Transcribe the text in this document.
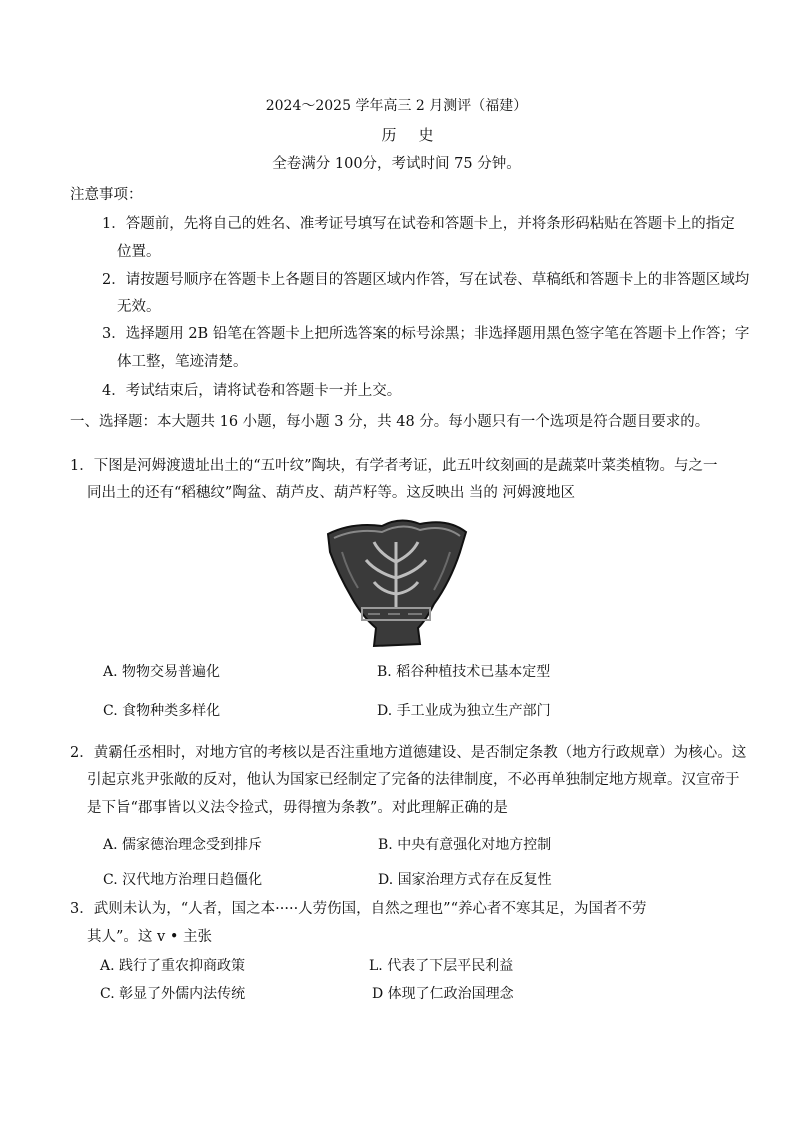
2024～2025 学年高三 2 月测评（福建）
历史
全卷满分 100分，考试时间 75 分钟。
注意事项：
1．答题前，先将自己的姓名、准考证号填写在试卷和答题卡上，并将条形码粘贴在答题卡上的指定
位置。
2．请按题号顺序在答题卡上各题目的答题区域内作答，写在试卷、草稿纸和答题卡上的非答题区域均
无效。
3．选择题用 2B 铅笔在答题卡上把所选答案的标号涂黑；非选择题用黑色签字笔在答题卡上作答；字
体工整，笔迹清楚。
4．考试结束后，请将试卷和答题卡一并上交。
一、选择题：本大题共 16 小题，每小题 3 分，共 48 分。每小题只有一个选项是符合题目要求的。
1．下图是河姆渡遗址出土的“五叶纹”陶块，有学者考证，此五叶纹刻画的是蔬菜叶菜类植物。与之一
同出土的还有“稻穗纹”陶盆、葫芦皮、葫芦籽等。这反映出 当的 河姆渡地区
A. 物物交易普遍化	B. 稻谷种植技术已基本定型
C. 食物种类多样化	D. 手工业成为独立生产部门
2．黄霸任丞相时，对地方官的考核以是否注重地方道德建设、是否制定条教（地方行政规章）为核心。这
引起京兆尹张敞的反对，他认为国家已经制定了完备的法律制度，不必再单独制定地方规章。汉宣帝于
是下旨“郡事皆以义法令捡式，毋得擅为条教”。对此理解正确的是
A. 儒家德治理念受到排斥	B. 中央有意强化对地方控制
C. 汉代地方治理日趋僵化	D. 国家治理方式存在反复性
3．武则未认为，“人者，国之本·····人劳伤国，自然之理也”“养心者不寒其足，为国者不劳
其人”。这 v • 主张
A. 践行了重农抑商政策	L. 代表了下层平民利益
C. 彰显了外儒内法传统	D 体现了仁政治国理念
